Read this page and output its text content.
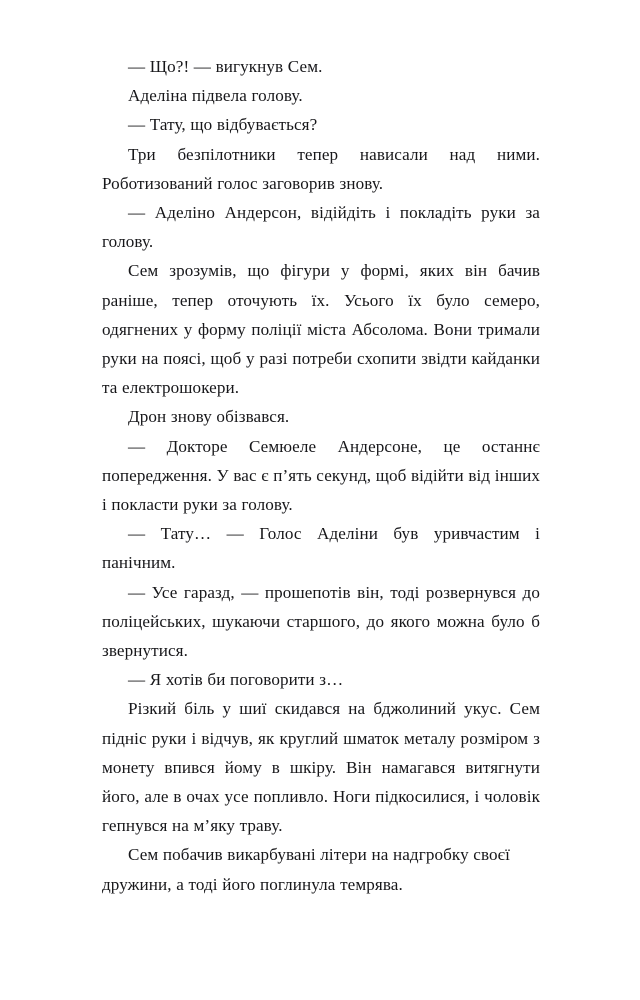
— Що?! — вигукнув Сем.

Аделіна підвела голову.

— Тату, що відбувається?

Три безпілотники тепер нависали над ними. Роботизований голос заговорив знову.

— Аделіно Андерсон, відійдіть і покладіть руки за голову.

Сем зрозумів, що фігури у формі, яких він бачив раніше, тепер оточують їх. Усього їх було семеро, одягнених у форму поліції міста Абсолома. Вони тримали руки на поясі, щоб у разі потреби схопити звідти кайданки та електрошокери.

Дрон знову обізвався.

— Докторе Семюеле Андерсоне, це останнє попередження. У вас є п’ять секунд, щоб відійти від інших і покласти руки за голову.

— Тату… — Голос Аделіни був уривчастим і панічним.

— Усе гаразд, — прошепотів він, тоді розвернувся до поліцейських, шукаючи старшого, до якого можна було б звернутися.

— Я хотів би поговорити з…

Різкий біль у шиї скидався на бджолиний укус. Сем підніс руки і відчув, як круглий шматок металу розміром з монету впився йому в шкіру. Він намагався витягнути його, але в очах усе попливло. Ноги підкосилися, і чоловік гепнувся на м’яку траву.

Сем побачив викарбувані літери на надгробку своєї дружини, а тоді його поглинула темрява.
